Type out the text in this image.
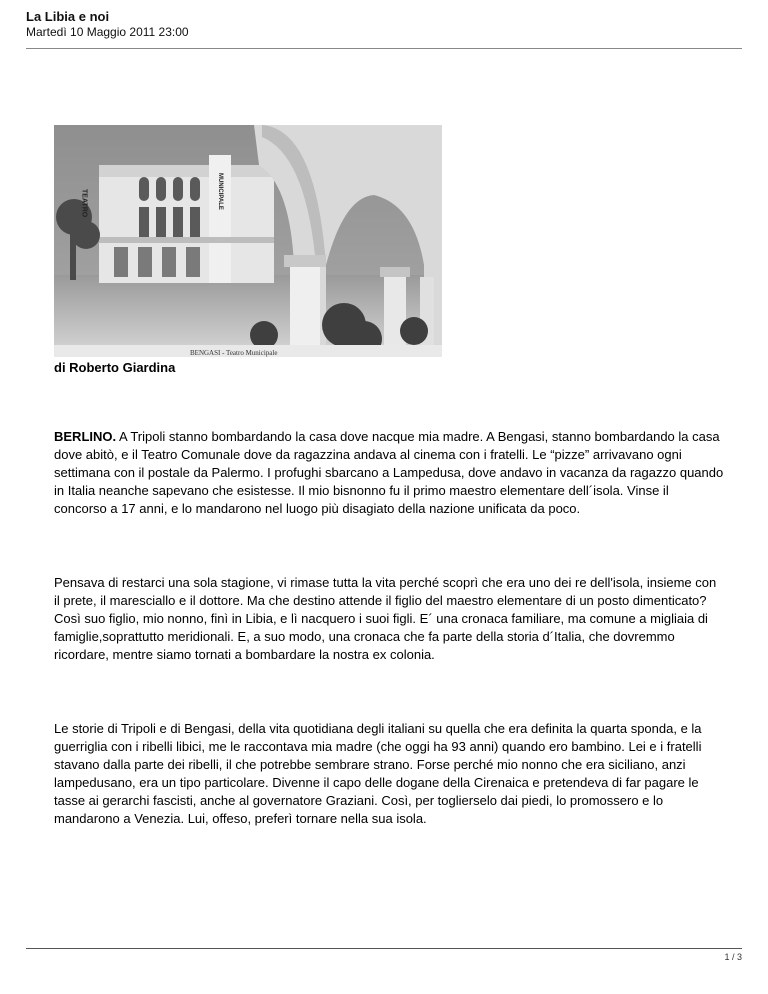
La Libia e noi
Martedì 10 Maggio 2011 23:00
TEATRO	MUNICIPALE
BENGASI - Teatro Municipale
di Roberto Giardina

BERLINO. A Tripoli stanno bombardando la casa dove nacque mia madre. A Bengasi, stanno bombardando la casa dove abitò, e il Teatro Comunale dove da ragazzina andava al cinema con i fratelli. Le “pizze” arrivavano ogni settimana con il postale da Palermo. I profughi sbarcano a Lampedusa, dove andavo in vacanza da ragazzo quando in Italia neanche sapevano che esistesse. Il mio bisnonno fu il primo maestro elementare dell´isola. Vinse il concorso a 17 anni, e lo mandarono nel luogo più disagiato della nazione unificata da poco.

Pensava di restarci una sola stagione, vi rimase tutta la vita perché scoprì che era uno dei re dell'isola, insieme con il prete, il maresciallo e il dottore. Ma che destino attende il figlio del maestro elementare di un posto dimenticato? Così suo figlio, mio nonno, finì in Libia, e lì nacquero i suoi figli. E´ una cronaca familiare, ma comune a migliaia di famiglie,soprattutto meridionali. E, a suo modo, una cronaca che fa parte della storia d´Italia, che dovremmo ricordare, mentre siamo tornati a bombardare la nostra ex colonia.

Le storie di Tripoli e di Bengasi, della vita quotidiana degli italiani su quella che era definita la quarta sponda, e la guerriglia con i ribelli libici, me le raccontava mia madre (che oggi ha 93 anni) quando ero bambino. Lei e i fratelli stavano dalla parte dei ribelli, il che potrebbe sembrare strano. Forse perché mio nonno che era siciliano, anzi lampedusano, era un tipo particolare. Divenne il capo delle dogane della Cirenaica e pretendeva di far pagare le tasse ai gerarchi fascisti, anche al governatore Graziani. Così, per toglierselo dai piedi, lo promossero e lo mandarono a Venezia. Lui, offeso, preferì tornare nella sua isola.

1 / 3
